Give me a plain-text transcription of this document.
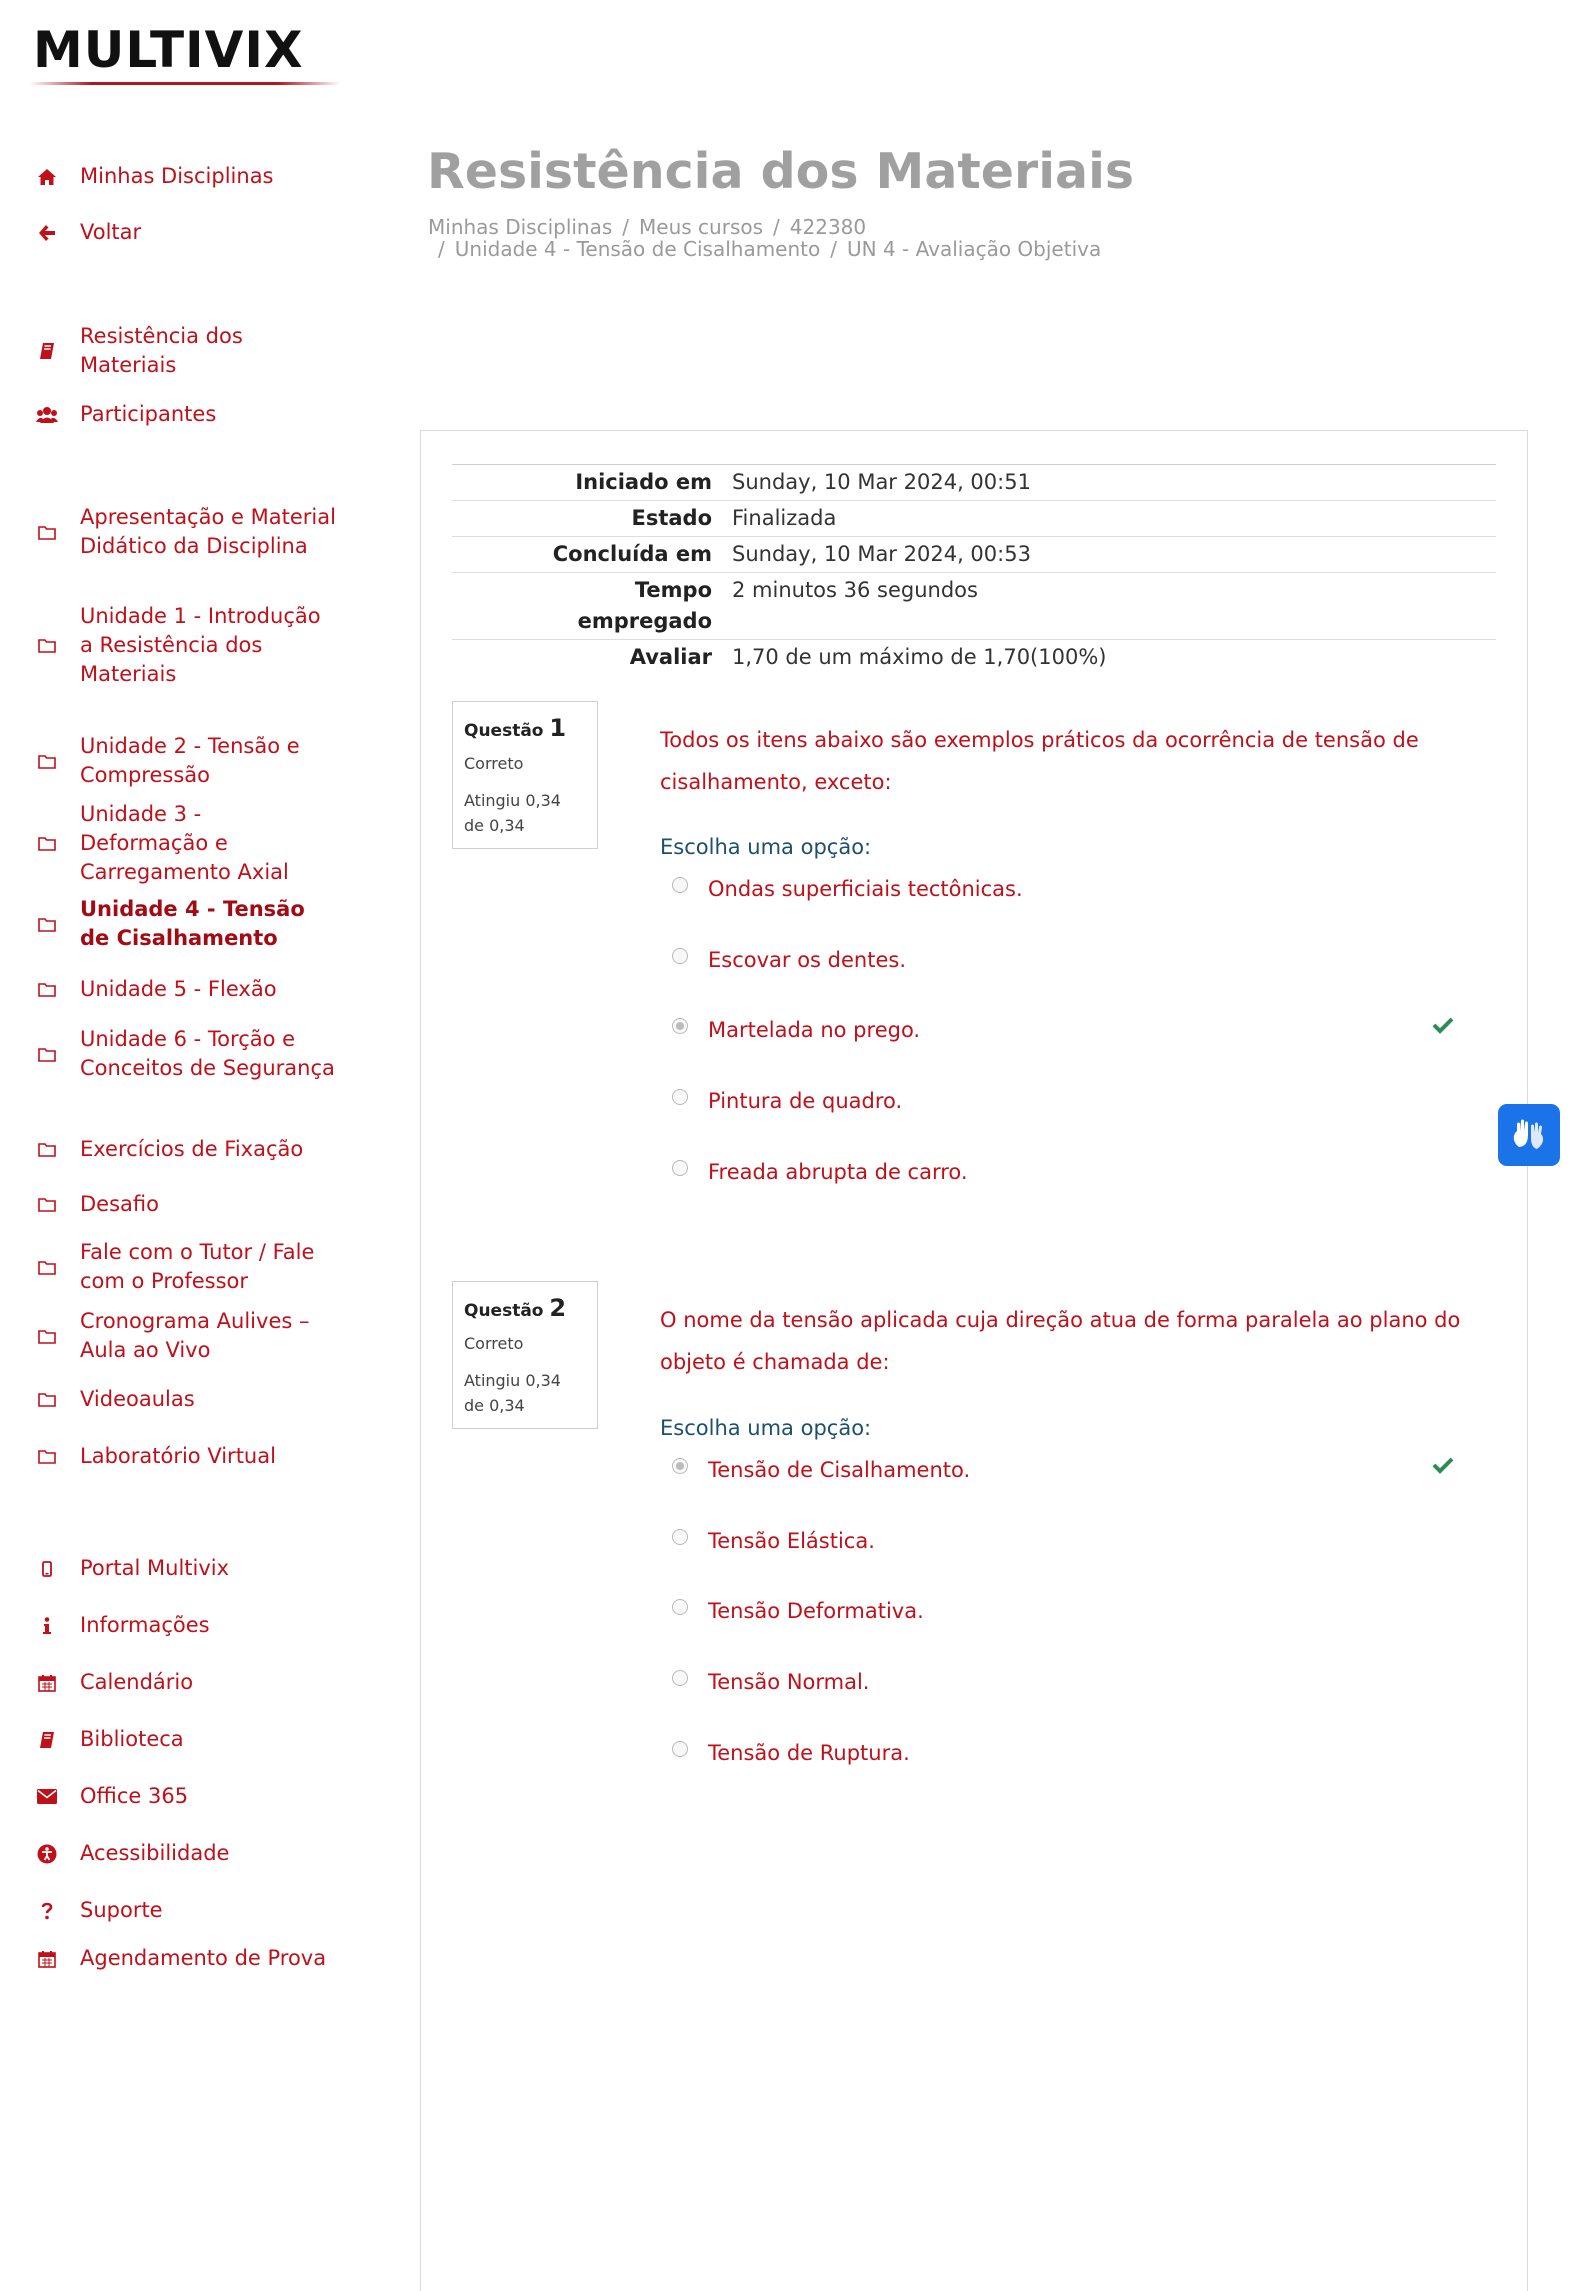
MULTIVIX
Minhas Disciplinas
Voltar
Resistência dos Materiais
Participantes
Apresentação e Material Didático da Disciplina
Unidade 1 - Introdução a Resistência dos Materiais
Unidade 2 - Tensão e Compressão
Unidade 3 - Deformação e Carregamento Axial
Unidade 4 - Tensão de Cisalhamento
Unidade 5 - Flexão
Unidade 6 - Torção e Conceitos de Segurança
Exercícios de Fixação
Desafio
Fale com o Tutor / Fale com o Professor
Cronograma Aulives – Aula ao Vivo
Videoaulas
Laboratório Virtual
Portal Multivix
Informações
Calendário
Biblioteca
Office 365
Acessibilidade
Suporte
Agendamento de Prova
Resistência dos Materiais
Minhas Disciplinas / Meus cursos / 422380
/ Unidade 4 - Tensão de Cisalhamento / UN 4 - Avaliação Objetiva
Iniciado em	Sunday, 10 Mar 2024, 00:51
Estado	Finalizada
Concluída em	Sunday, 10 Mar 2024, 00:53
Tempo empregado	2 minutos 36 segundos
Avaliar	1,70 de um máximo de 1,70(100%)
Questão 1
Correto
Atingiu 0,34 de 0,34
Todos os itens abaixo são exemplos práticos da ocorrência de tensão de cisalhamento, exceto:
Escolha uma opção:
Ondas superficiais tectônicas.
Escovar os dentes.
Martelada no prego.
Pintura de quadro.
Freada abrupta de carro.
Questão 2
Correto
Atingiu 0,34 de 0,34
O nome da tensão aplicada cuja direção atua de forma paralela ao plano do objeto é chamada de:
Escolha uma opção:
Tensão de Cisalhamento.
Tensão Elástica.
Tensão Deformativa.
Tensão Normal.
Tensão de Ruptura.
